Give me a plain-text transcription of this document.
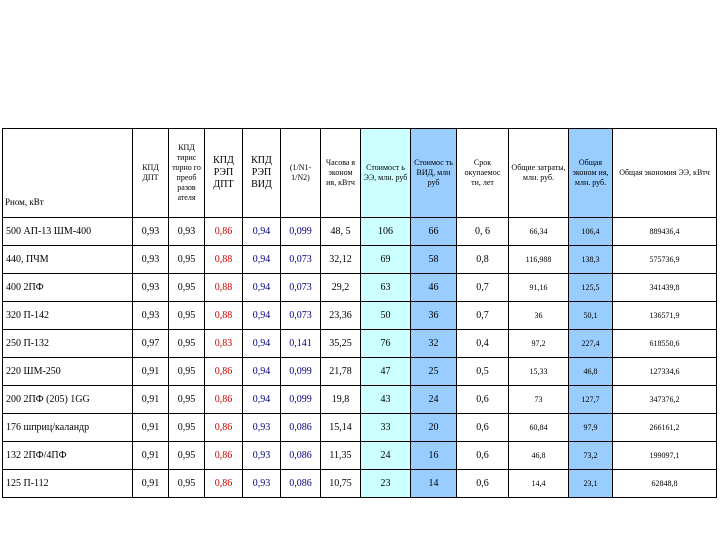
Pном, кВт	КПД ДПТ	КПД тирис торно го преоб разов ателя	КПД РЭП ДПТ	КПД РЭП ВИД	(1/N1-1/N2)	Часова я эконом ия, кВтч	Стоимост ь ЭЭ, млн. руб	Стоимос ть ВИД, млн руб	Срок окупаемос ти, лет	Общие затраты, млн. руб.	Общая эконом ия, млн. руб.	Общая экономия ЭЭ, кВтч
500 АП-13 ШМ-400	0,93	0,93	0,86	0,94	0,099	48, 5	106	66	0, 6	66,34	106,4	889436,4
440, ПЧМ	0,93	0,95	0,88	0,94	0,073	32,12	69	58	0,8	116,988	138,3	575736,9
400 2ПФ	0,93	0,95	0,88	0,94	0,073	29,2	63	46	0,7	91,16	125,5	341439,8
320 П-142	0,93	0,95	0,88	0,94	0,073	23,36	50	36	0,7	36	50,1	136571,9
250 П-132	0,97	0,95	0,83	0,94	0,141	35,25	76	32	0,4	97,2	227,4	618550,6
220 ШМ-250	0,91	0,95	0,86	0,94	0,099	21,78	47	25	0,5	15,33	46,8	127334,6
200 2ПФ (205) 1GG	0,91	0,95	0,86	0,94	0,099	19,8	43	24	0,6	73	127,7	347376,2
176 шприц/каландр	0,91	0,95	0,86	0,93	0,086	15,14	33	20	0,6	60,84	97,9	266161,2
132 2ПФ/4ПФ	0,91	0,95	0,86	0,93	0,086	11,35	24	16	0,6	46,8	73,2	199097,1
125 П-112	0,91	0,95	0,86	0,93	0,086	10,75	23	14	0,6	14,4	23,1	62848,8
